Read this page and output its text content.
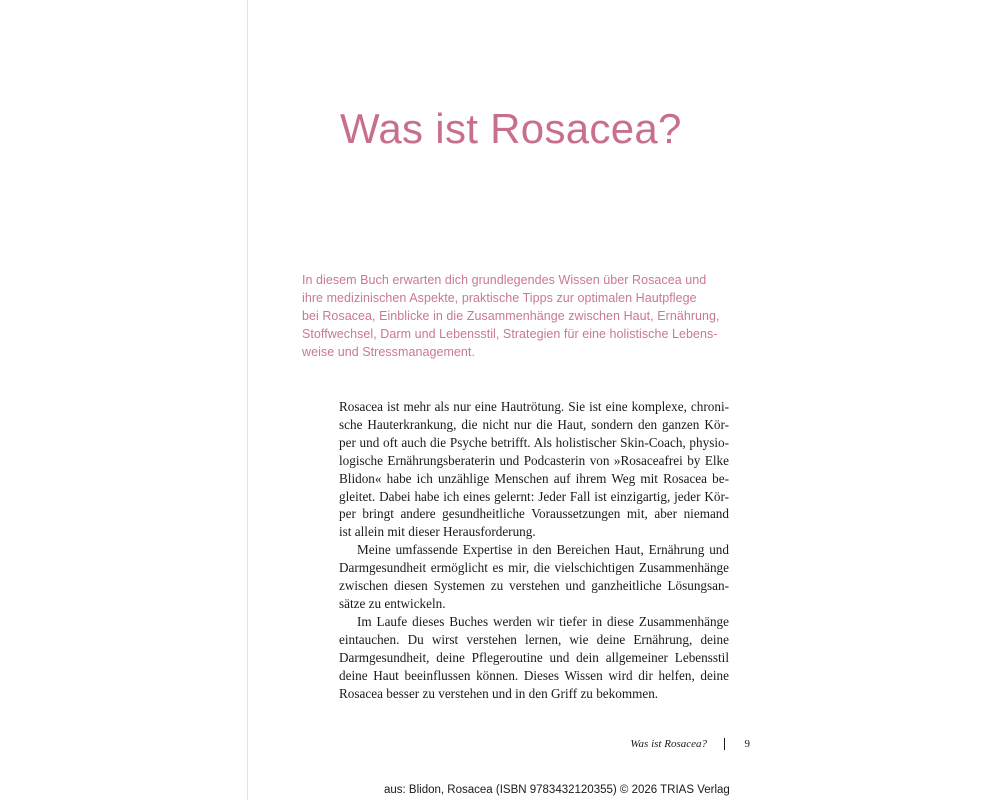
Was ist Rosacea?
In diesem Buch erwarten dich grundlegendes Wissen über Rosacea und
ihre medizinischen Aspekte, praktische Tipps zur optimalen Hautpflege
bei Rosacea, Einblicke in die Zusammenhänge zwischen Haut, Ernährung,
Stoffwechsel, Darm und Lebensstil, Strategien für eine holistische Lebens-
weise und Stressmanagement.
Rosacea ist mehr als nur eine Hautrötung. Sie ist eine komplexe, chroni-
sche Hauterkrankung, die nicht nur die Haut, sondern den ganzen Kör-
per und oft auch die Psyche betrifft. Als holistischer Skin-Coach, physio-
logische Ernährungsberaterin und Podcasterin von »Rosaceafrei by Elke
Blidon« habe ich unzählige Menschen auf ihrem Weg mit Rosacea be-
gleitet. Dabei habe ich eines gelernt: Jeder Fall ist einzigartig, jeder Kör-
per bringt andere gesundheitliche Voraussetzungen mit, aber niemand
ist allein mit dieser Herausforderung.
Meine umfassende Expertise in den Bereichen Haut, Ernährung und
Darmgesundheit ermöglicht es mir, die vielschichtigen Zusammenhänge
zwischen diesen Systemen zu verstehen und ganzheitliche Lösungsan-
sätze zu entwickeln.
Im Laufe dieses Buches werden wir tiefer in diese Zusammenhänge
eintauchen. Du wirst verstehen lernen, wie deine Ernährung, deine
Darmgesundheit, deine Pflegeroutine und dein allgemeiner Lebensstil
deine Haut beeinflussen können. Dieses Wissen wird dir helfen, deine
Rosacea besser zu verstehen und in den Griff zu bekommen.
Was ist Rosacea?	9
aus: Blidon, Rosacea (ISBN 9783432120355) © 2026 TRIAS Verlag
